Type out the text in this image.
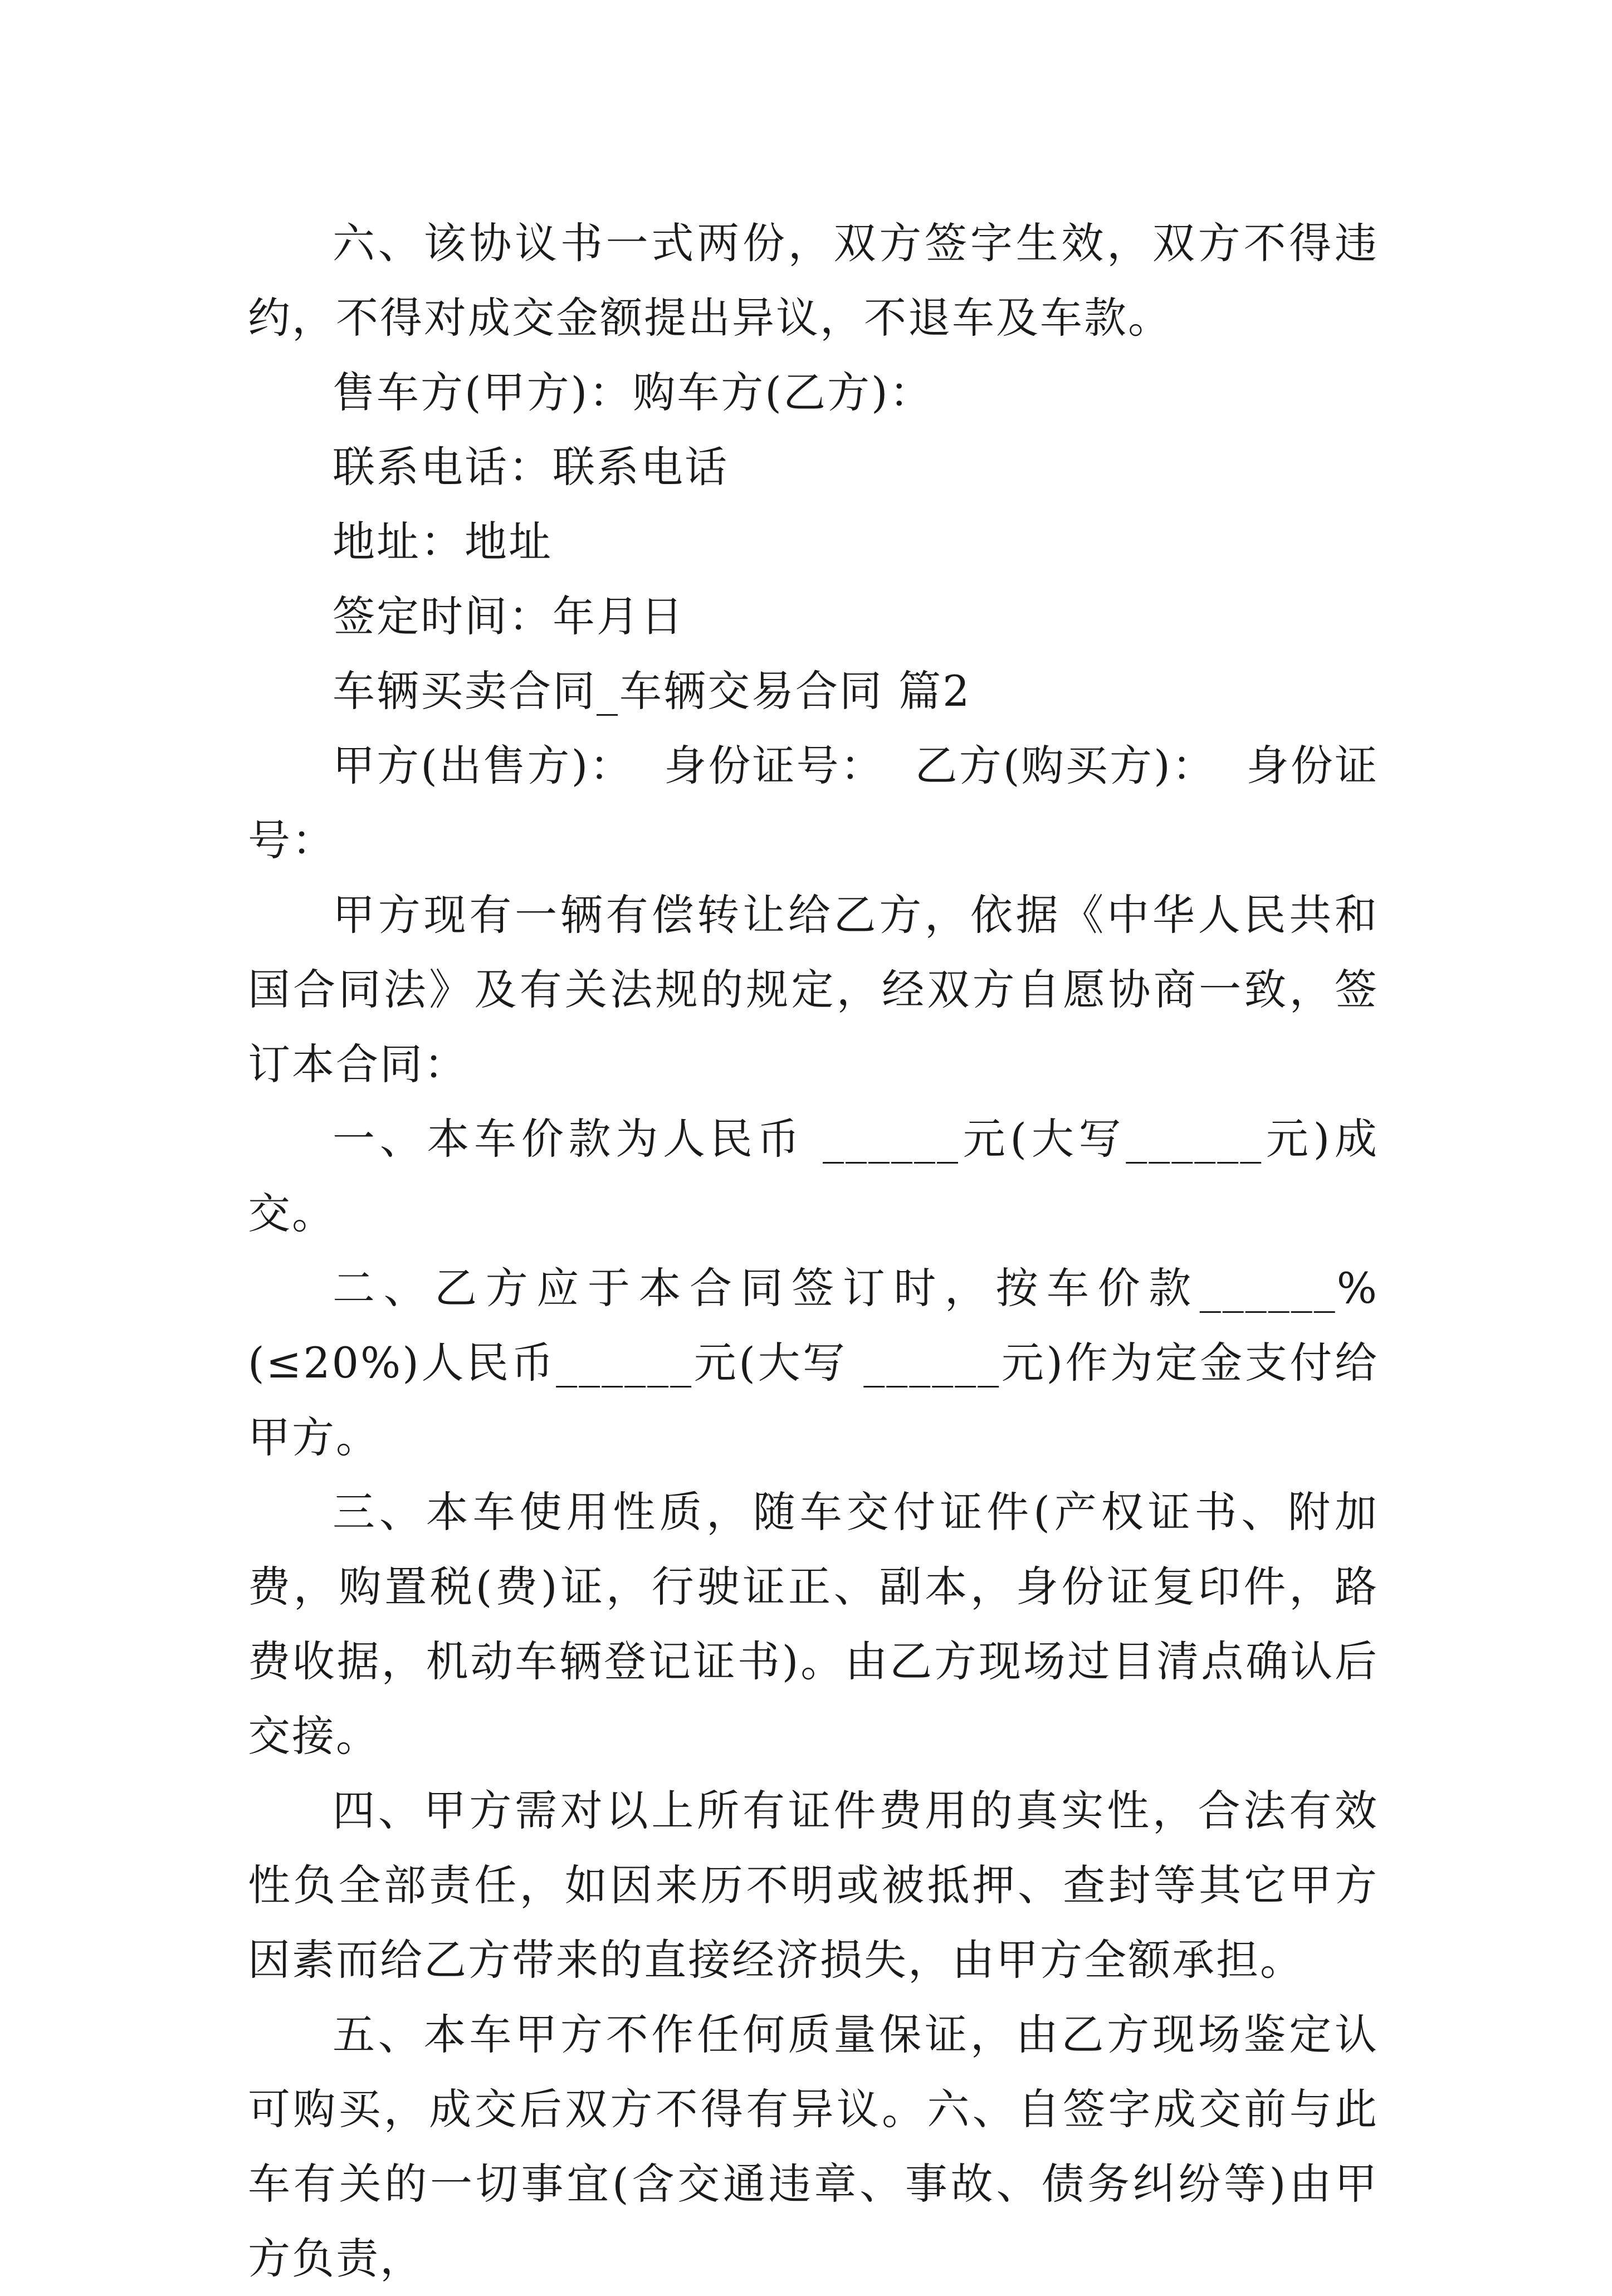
六、该协议书一式两份，双方签字生效，双方不得违约，不得对成交金额提出异议，不退车及车款。

售车方(甲方)：购车方(乙方)：

联系电话：联系电话

地址：地址

签定时间：年月日

车辆买卖合同_车辆交易合同 篇2

甲方(出售方)：  身份证号：  乙方(购买方)：  身份证号：

甲方现有一辆有偿转让给乙方，依据《中华人民共和国合同法》及有关法规的规定，经双方自愿协商一致，签订本合同：

一、本车价款为人民币 ______元(大写______元)成交。

二、乙方应于本合同签订时，按车价款______%(≤20%)人民币______元(大写 ______元)作为定金支付给甲方。

三、本车使用性质，随车交付证件(产权证书、附加费，购置税(费)证，行驶证正、副本，身份证复印件，路费收据，机动车辆登记证书)。由乙方现场过目清点确认后交接。

四、甲方需对以上所有证件费用的真实性，合法有效性负全部责任，如因来历不明或被抵押、查封等其它甲方因素而给乙方带来的直接经济损失，由甲方全额承担。

五、本车甲方不作任何质量保证，由乙方现场鉴定认可购买，成交后双方不得有异议。六、自签字成交前与此车有关的一切事宜(含交通违章、事故、债务纠纷等)由甲方负责，
